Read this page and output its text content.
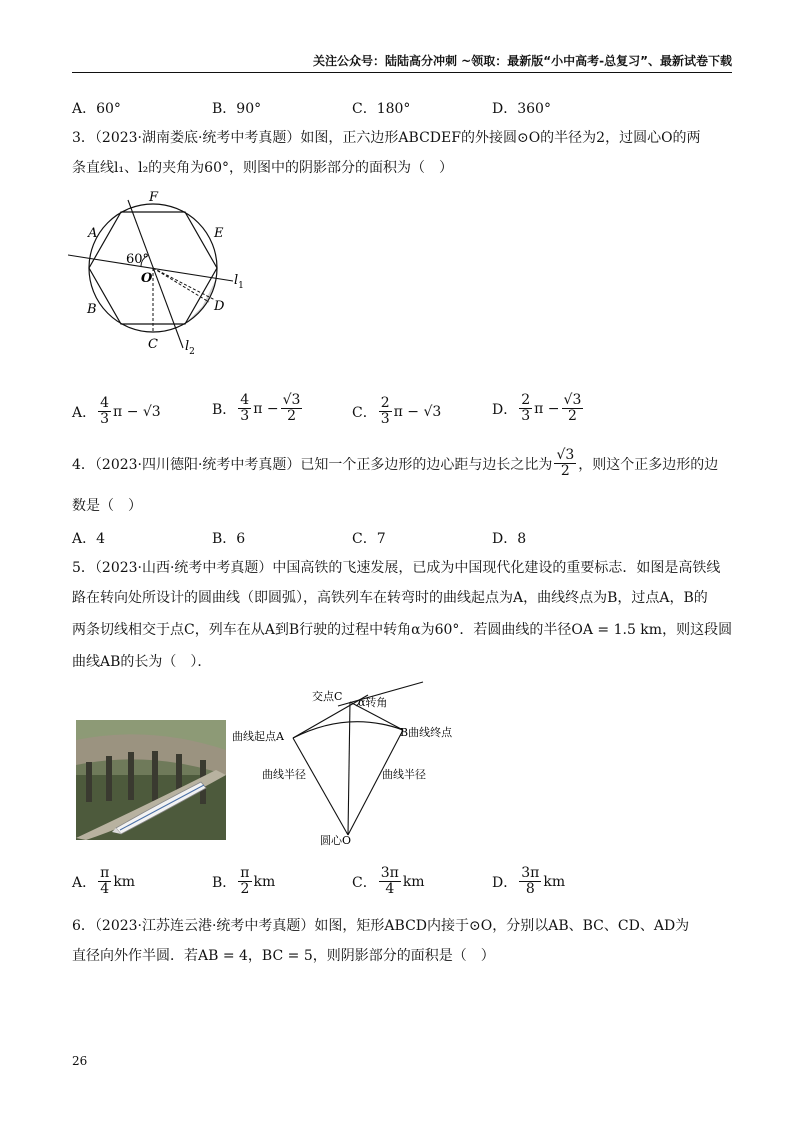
关注公众号：陆陆高分冲刺 ~领取：最新版“小中高考-总复习”、最新试卷下载
A．60°	B．90°	C．180°	D．360°
3．（2023·湖南娄底·统考中考真题）如图，正六边形ABCDEF的外接圆⊙O的半径为2，过圆心O的两
条直线l₁、l₂的夹角为60°，则图中的阴影部分的面积为（　）
F
E
A
60°
O	$l_1$
B	D
C $l_2$
A． $\frac{4}{3}$ π − √3	B． $\frac{4}{3}$ $\pi - \frac{√3}{2}$	C． $\frac{2}{3}$ π − √3	D． $\frac{2}{3}$ $\pi - \frac{√3}{2}$
4．（2023·四川德阳·统考中考真题）已知一个正多边形的边心距与边长之比为 $\frac{√3}{2}$ ，则这个正多边形的边
数是（　）
A．4	B．6	C．7	D．8
5．（2023·山西·统考中考真题）中国高铁的飞速发展，已成为中国现代化建设的重要标志．如图是高铁线
路在转向处所设计的圆曲线（即圆弧），高铁列车在转弯时的曲线起点为A，曲线终点为B，过点A，B的
两条切线相交于点C，列车在从A到B行驶的过程中转角α为60°．若圆曲线的半径OA = 1.5 km，则这段圆
曲线AB的长为（　）．
交点C α转角
曲线起点A	B曲线终点
曲线半径	曲线半径
圆心O
A． $\frac{\pi}{4}$ km	B． $\frac{\pi}{2}$ km	C． $\frac{3\pi}{4}$ km	D． $\frac{3\pi}{8}$ km
6．（2023·江苏连云港·统考中考真题）如图，矩形ABCD内接于⊙O，分别以AB、BC、CD、AD为
直径向外作半圆．若AB = 4，BC = 5，则阴影部分的面积是（　）
26
